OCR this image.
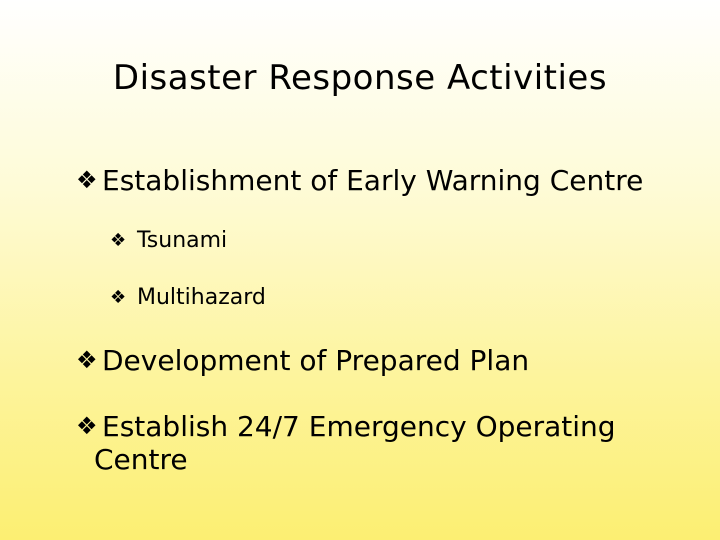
Disaster Response Activities
❖ Establishment of Early Warning Centre
❖ Tsunami
❖ Multihazard
❖ Development of Prepared Plan
❖ Establish 24/7 Emergency Operating
Centre
